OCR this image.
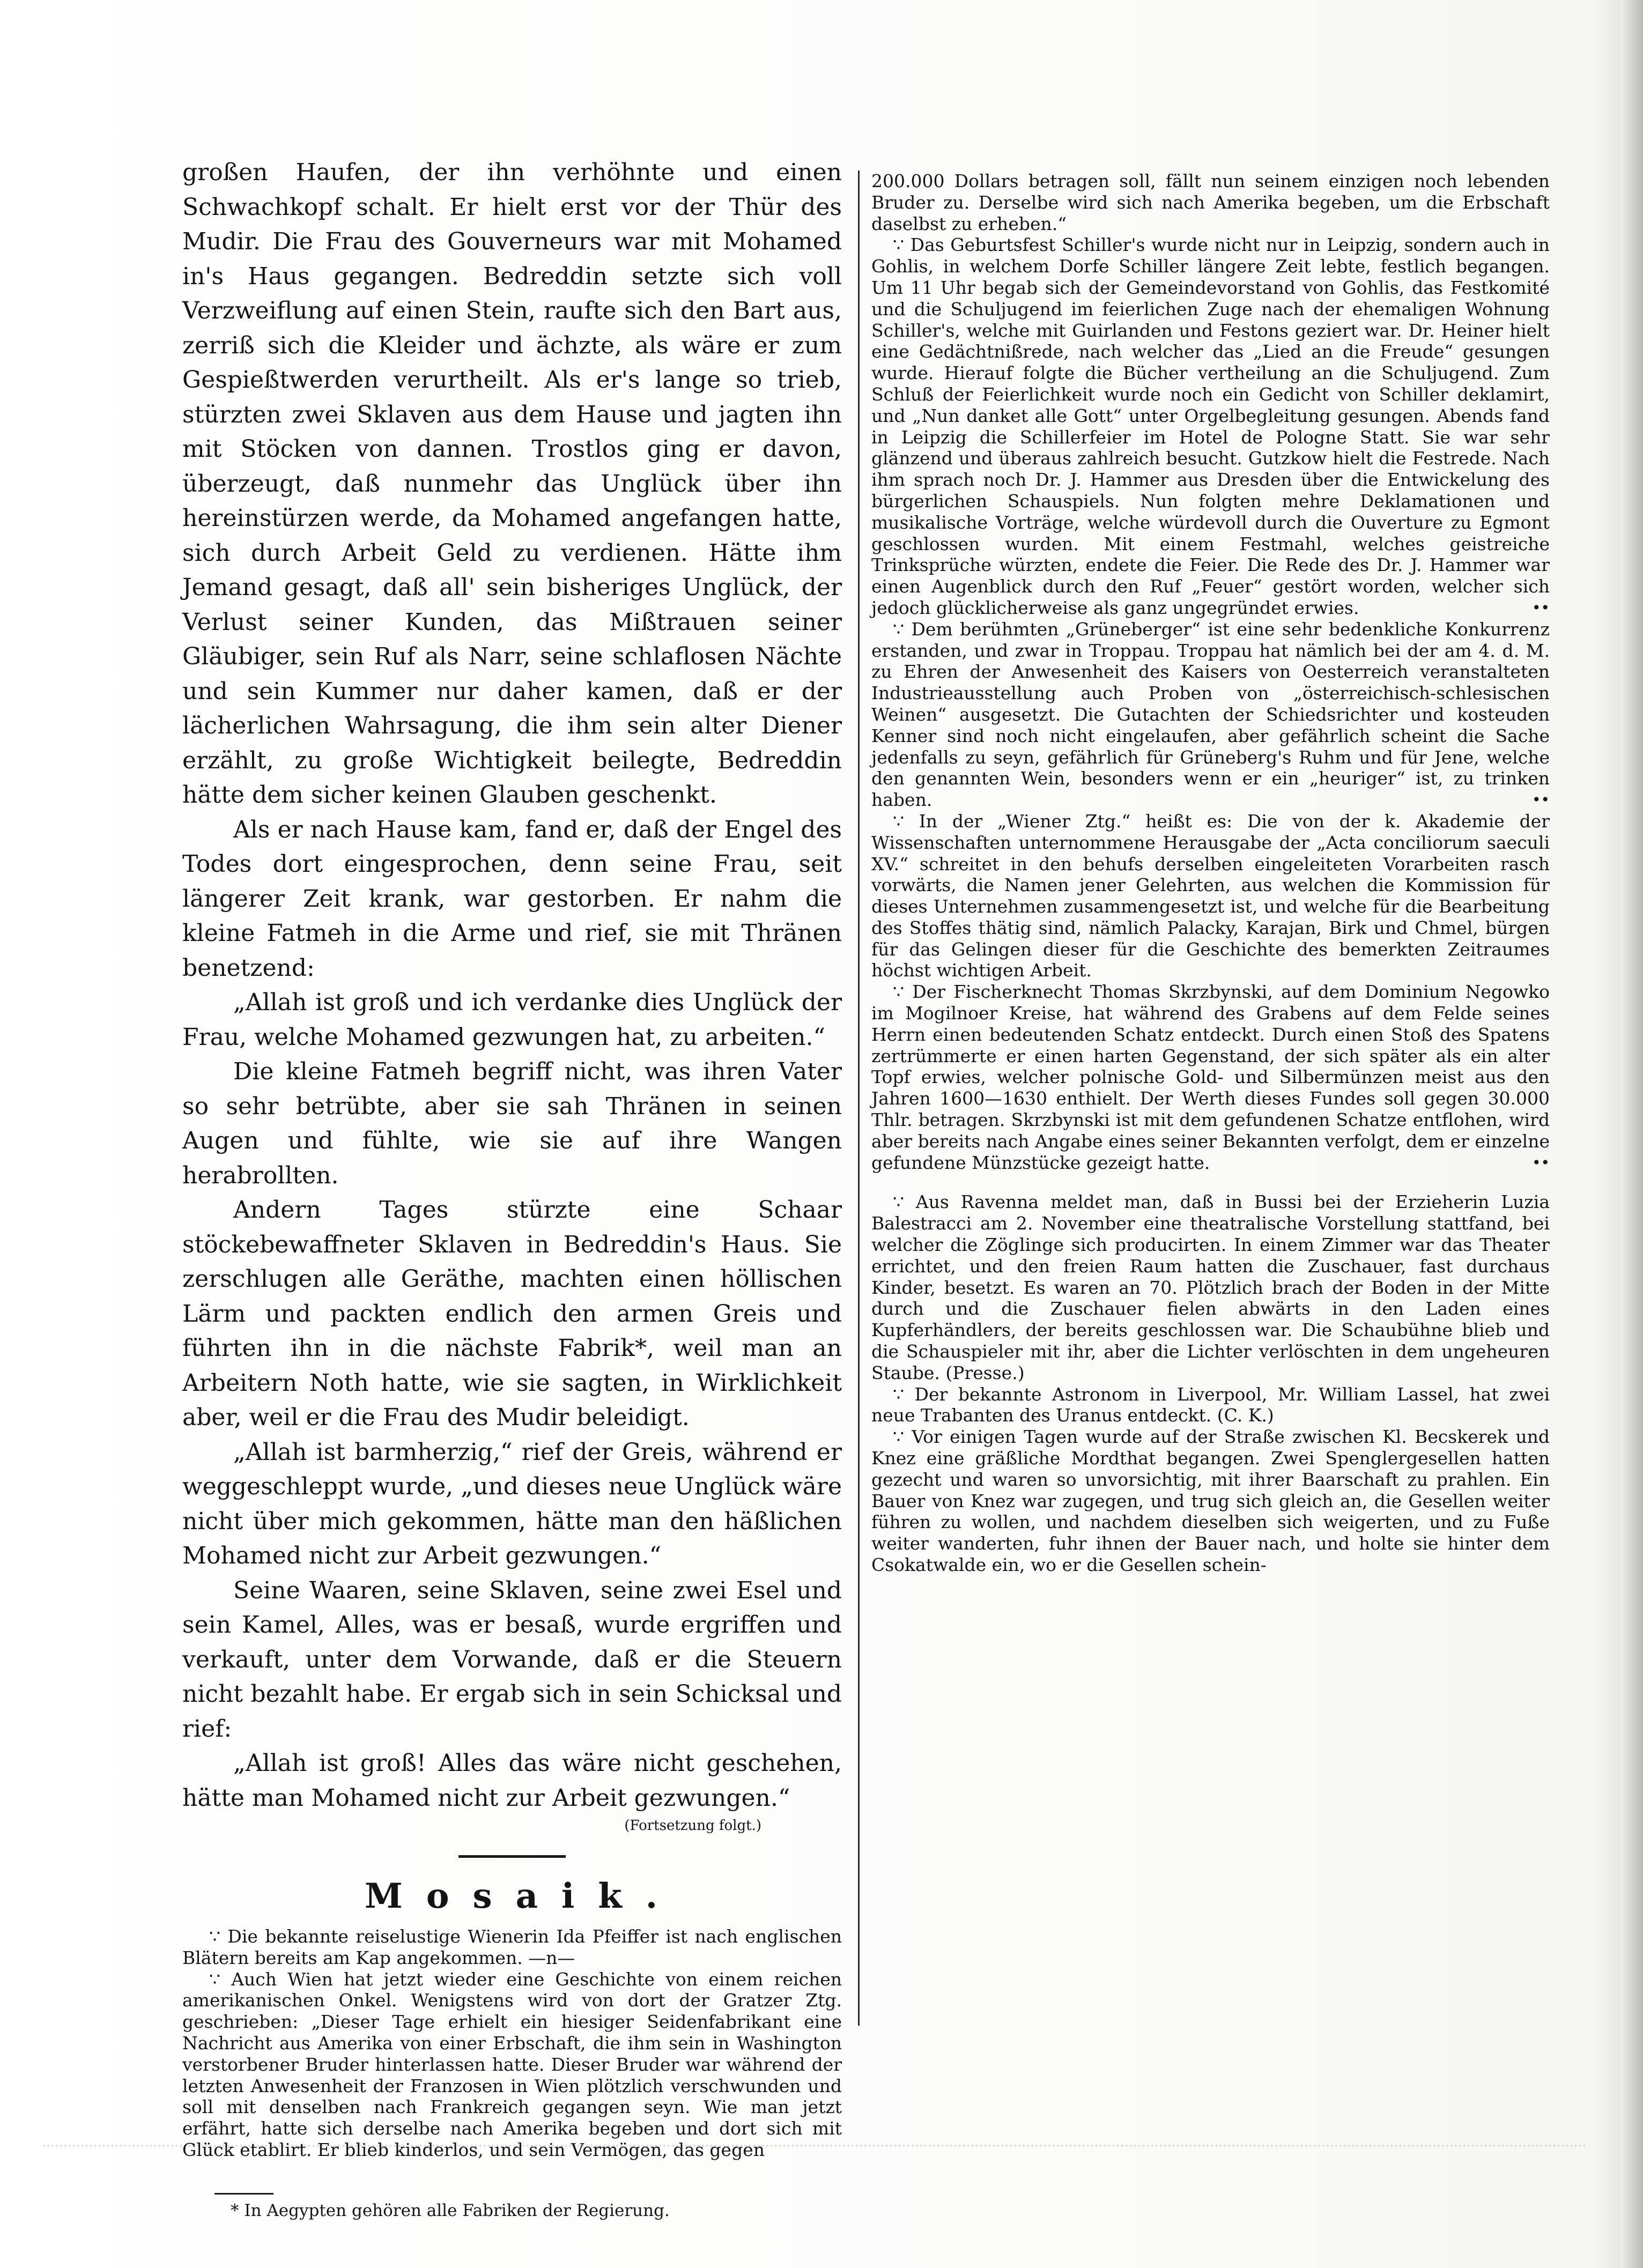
großen Haufen, der ihn verhöhnte und einen Schwachkopf schalt. Er hielt erst vor der Thür des Mudir. Die Frau des Gouverneurs war mit Mohamed in's Haus gegangen. Bedreddin setzte sich voll Verzweiflung auf einen Stein, raufte sich den Bart aus, zerriß sich die Kleider und ächzte, als wäre er zum Gespießtwerden verurtheilt. Als er's lange so trieb, stürzten zwei Sklaven aus dem Hause und jagten ihn mit Stöcken von dannen. Trostlos ging er davon, überzeugt, daß nunmehr das Unglück über ihn hereinstürzen werde, da Mohamed angefangen hatte, sich durch Arbeit Geld zu verdienen. Hätte ihm Jemand gesagt, daß all' sein bisheriges Unglück, der Verlust seiner Kunden, das Mißtrauen seiner Gläubiger, sein Ruf als Narr, seine schlaflosen Nächte und sein Kummer nur daher kamen, daß er der lächerlichen Wahrsagung, die ihm sein alter Diener erzählt, zu große Wichtigkeit beilegte, Bedreddin hätte dem sicher keinen Glauben geschenkt.

Als er nach Hause kam, fand er, daß der Engel des Todes dort eingesprochen, denn seine Frau, seit längerer Zeit krank, war gestorben. Er nahm die kleine Fatmeh in die Arme und rief, sie mit Thränen benetzend:

„Allah ist groß und ich verdanke dies Unglück der Frau, welche Mohamed gezwungen hat, zu arbeiten.“

Die kleine Fatmeh begriff nicht, was ihren Vater so sehr betrübte, aber sie sah Thränen in seinen Augen und fühlte, wie sie auf ihre Wangen herabrollten.

Andern Tages stürzte eine Schaar stöckebewaffneter Sklaven in Bedreddin's Haus. Sie zerschlugen alle Geräthe, machten einen höllischen Lärm und packten endlich den armen Greis und führten ihn in die nächste Fabrik*, weil man an Arbeitern Noth hatte, wie sie sagten, in Wirklichkeit aber, weil er die Frau des Mudir beleidigt.

„Allah ist barmherzig,“ rief der Greis, während er weggeschleppt wurde, „und dieses neue Unglück wäre nicht über mich gekommen, hätte man den häßlichen Mohamed nicht zur Arbeit gezwungen.“

Seine Waaren, seine Sklaven, seine zwei Esel und sein Kamel, Alles, was er besaß, wurde ergriffen und verkauft, unter dem Vorwande, daß er die Steuern nicht bezahlt habe. Er ergab sich in sein Schicksal und rief:

„Allah ist groß! Alles das wäre nicht geschehen, hätte man Mohamed nicht zur Arbeit gezwungen.“

(Fortsetzung folgt.)
Mosaik.

∵ Die bekannte reiselustige Wienerin Ida Pfeiffer ist nach englischen Blätern bereits am Kap angekommen. —n—

∵ Auch Wien hat jetzt wieder eine Geschichte von einem reichen amerikanischen Onkel. Wenigstens wird von dort der Gratzer Ztg. geschrieben: „Dieser Tage erhielt ein hiesiger Seidenfabrikant eine Nachricht aus Amerika von einer Erbschaft, die ihm sein in Washington verstorbener Bruder hinterlassen hatte. Dieser Bruder war während der letzten Anwesenheit der Franzosen in Wien plötzlich verschwunden und soll mit denselben nach Frankreich gegangen seyn. Wie man jetzt erfährt, hatte sich derselbe nach Amerika begeben und dort sich mit Glück etablirt. Er blieb kinderlos, und sein Vermögen, das gegen

* In Aegypten gehören alle Fabriken der Regierung.

200.000 Dollars betragen soll, fällt nun seinem einzigen noch lebenden Bruder zu. Derselbe wird sich nach Amerika begeben, um die Erbschaft daselbst zu erheben.“

∵ Das Geburtsfest Schiller's wurde nicht nur in Leipzig, sondern auch in Gohlis, in welchem Dorfe Schiller längere Zeit lebte, festlich begangen. Um 11 Uhr begab sich der Gemeindevorstand von Gohlis, das Festkomité und die Schuljugend im feierlichen Zuge nach der ehemaligen Wohnung Schiller's, welche mit Guirlanden und Festons geziert war. Dr. Heiner hielt eine Gedächtnißrede, nach welcher das „Lied an die Freude“ gesungen wurde. Hierauf folgte die Bücher vertheilung an die Schuljugend. Zum Schluß der Feierlichkeit wurde noch ein Gedicht von Schiller deklamirt, und „Nun danket alle Gott“ unter Orgelbegleitung gesungen. Abends fand in Leipzig die Schillerfeier im Hotel de Pologne Statt. Sie war sehr glänzend und überaus zahlreich besucht. Gutzkow hielt die Festrede. Nach ihm sprach noch Dr. J. Hammer aus Dresden über die Entwickelung des bürgerlichen Schauspiels. Nun folgten mehre Deklamationen und musikalische Vorträge, welche würdevoll durch die Ouverture zu Egmont geschlossen wurden. Mit einem Festmahl, welches geistreiche Trinksprüche würzten, endete die Feier. Die Rede des Dr. J. Hammer war einen Augenblick durch den Ruf „Feuer“ gestört worden, welcher sich jedoch glücklicherweise als ganz ungegründet erwies.	••

∵ Dem berühmten „Grüneberger“ ist eine sehr bedenkliche Konkurrenz erstanden, und zwar in Troppau. Troppau hat nämlich bei der am 4. d. M. zu Ehren der Anwesenheit des Kaisers von Oesterreich veranstalteten Industrieausstellung auch Proben von „österreichisch-schlesischen Weinen“ ausgesetzt. Die Gutachten der Schiedsrichter und kosteuden Kenner sind noch nicht eingelaufen, aber gefährlich scheint die Sache jedenfalls zu seyn, gefährlich für Grüneberg's Ruhm und für Jene, welche den genannten Wein, besonders wenn er ein „heuriger“ ist, zu trinken haben.	••

∵ In der „Wiener Ztg.“ heißt es: Die von der k. Akademie der Wissenschaften unternommene Herausgabe der „Acta conciliorum saeculi XV.“ schreitet in den behufs derselben eingeleiteten Vorarbeiten rasch vorwärts, die Namen jener Gelehrten, aus welchen die Kommission für dieses Unternehmen zusammengesetzt ist, und welche für die Bearbeitung des Stoffes thätig sind, nämlich Palacky, Karajan, Birk und Chmel, bürgen für das Gelingen dieser für die Geschichte des bemerkten Zeitraumes höchst wichtigen Arbeit.

∵ Der Fischerknecht Thomas Skrzbynski, auf dem Dominium Negowko im Mogilnoer Kreise, hat während des Grabens auf dem Felde seines Herrn einen bedeutenden Schatz entdeckt. Durch einen Stoß des Spatens zertrümmerte er einen harten Gegenstand, der sich später als ein alter Topf erwies, welcher polnische Gold- und Silbermünzen meist aus den Jahren 1600—1630 enthielt. Der Werth dieses Fundes soll gegen 30.000 Thlr. betragen. Skrzbynski ist mit dem gefundenen Schatze entflohen, wird aber bereits nach Angabe eines seiner Bekannten verfolgt, dem er einzelne gefundene Münzstücke gezeigt hatte.	••

∵ Aus Ravenna meldet man, daß in Bussi bei der Erzieherin Luzia Balestracci am 2. November eine theatralische Vorstellung stattfand, bei welcher die Zöglinge sich producirten. In einem Zimmer war das Theater errichtet, und den freien Raum hatten die Zuschauer, fast durchaus Kinder, besetzt. Es waren an 70. Plötzlich brach der Boden in der Mitte durch und die Zuschauer fielen abwärts in den Laden eines Kupferhändlers, der bereits geschlossen war. Die Schaubühne blieb und die Schauspieler mit ihr, aber die Lichter verlöschten in dem ungeheuren Staube. (Presse.)

∵ Der bekannte Astronom in Liverpool, Mr. William Lassel, hat zwei neue Trabanten des Uranus entdeckt. (C. K.)

∵ Vor einigen Tagen wurde auf der Straße zwischen Kl. Becskerek und Knez eine gräßliche Mordthat begangen. Zwei Spenglergesellen hatten gezecht und waren so unvorsichtig, mit ihrer Baarschaft zu prahlen. Ein Bauer von Knez war zugegen, und trug sich gleich an, die Gesellen weiter führen zu wollen, und nachdem dieselben sich weigerten, und zu Fuße weiter wanderten, fuhr ihnen der Bauer nach, und holte sie hinter dem Csokatwalde ein, wo er die Gesellen schein-
